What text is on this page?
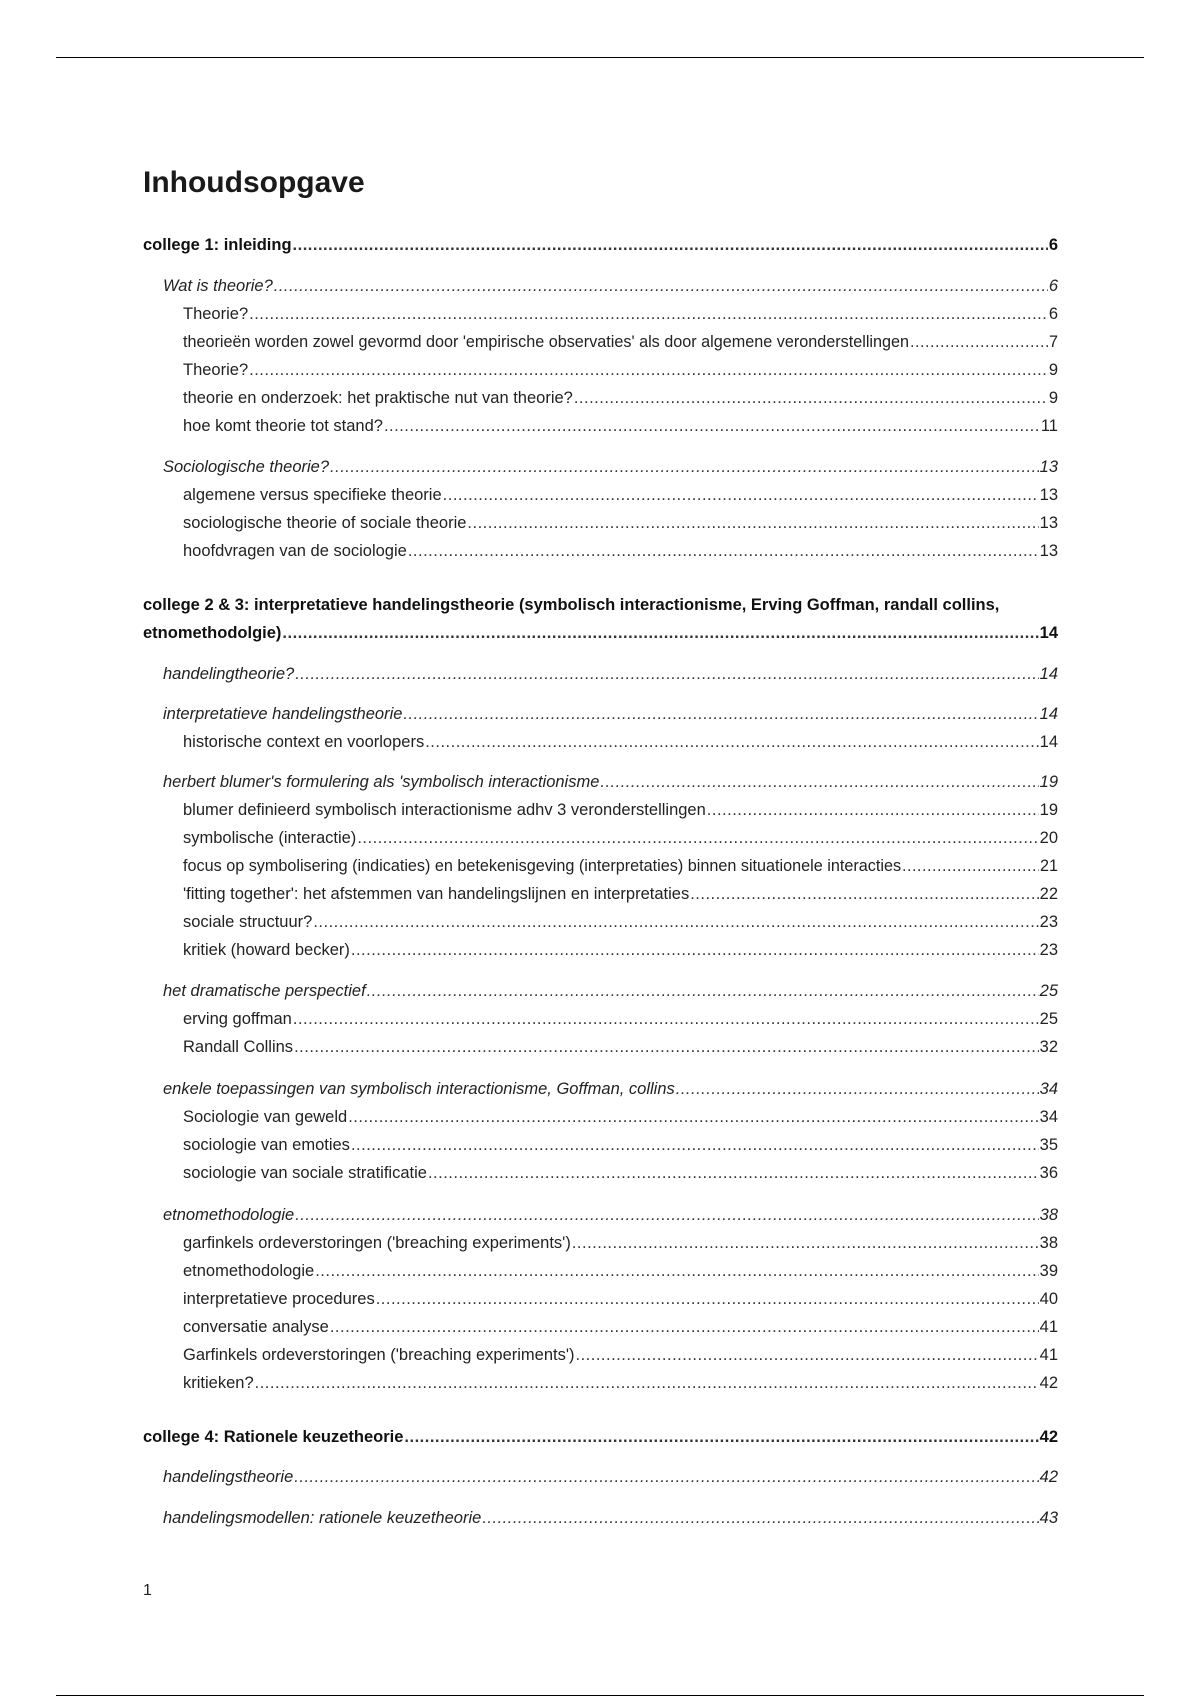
Inhoudsopgave
college 1: inleiding .....	6
Wat is theorie? .....	6
Theorie? .....	6
theorieën worden zowel gevormd door 'empirische observaties' als door algemene veronderstellingen .....	7
Theorie? .....	9
theorie en onderzoek: het praktische nut van theorie? .....	9
hoe komt theorie tot stand? .....	11
Sociologische theorie? .....	13
algemene versus specifieke theorie .....	13
sociologische theorie of sociale theorie .....	13
hoofdvragen van de sociologie .....	13
college 2 & 3: interpretatieve handelingstheorie (symbolisch interactionisme, Erving Goffman, randall collins,
etnomethodolgie) .....	14
handelingtheorie? .....	14
interpretatieve handelingstheorie .....	14
historische context en voorlopers .....	14
herbert blumer's formulering als 'symbolisch interactionisme .....	19
blumer definieerd symbolisch interactionisme adhv 3 veronderstellingen .....	19
symbolische (interactie) .....	20
focus op symbolisering (indicaties) en betekenisgeving (interpretaties) binnen situationele interacties .....	21
'fitting together': het afstemmen van handelingslijnen en interpretaties .....	22
sociale structuur? .....	23
kritiek (howard becker) .....	23
het dramatische perspectief .....	25
erving goffman .....	25
Randall Collins .....	32
enkele toepassingen van symbolisch interactionisme, Goffman, collins .....	34
Sociologie van geweld .....	34
sociologie van emoties .....	35
sociologie van sociale stratificatie .....	36
etnomethodologie .....	38
garfinkels ordeverstoringen ('breaching experiments') .....	38
etnomethodologie .....	39
interpretatieve procedures .....	40
conversatie analyse .....	41
Garfinkels ordeverstoringen ('breaching experiments') .....	41
kritieken? .....	42
college 4: Rationele keuzetheorie .....	42
handelingstheorie .....	42
handelingsmodellen: rationele keuzetheorie .....	43
1
